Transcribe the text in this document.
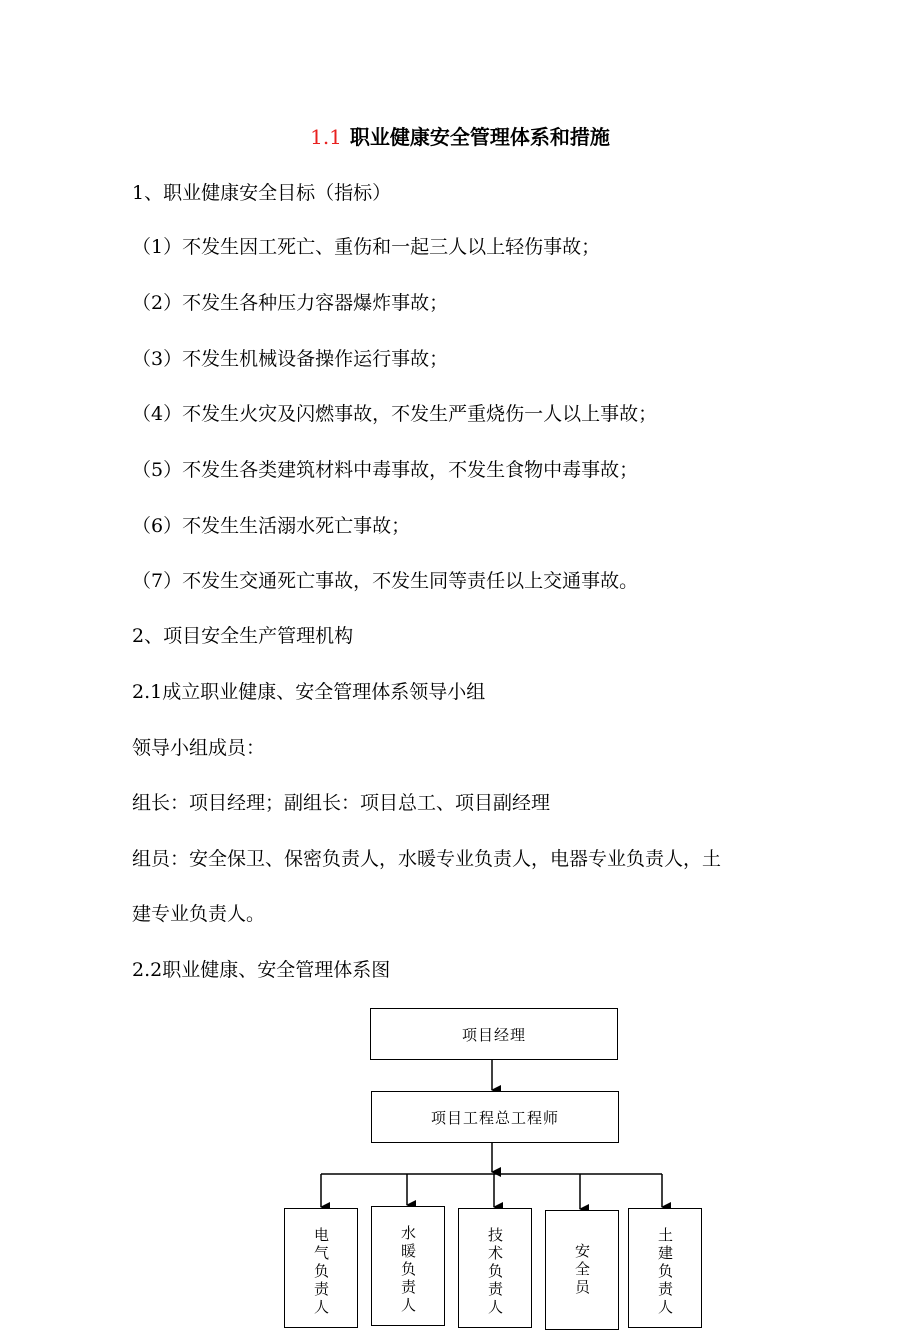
1.1 职业健康安全管理体系和措施

1、职业健康安全目标（指标）

（1）不发生因工死亡、重伤和一起三人以上轻伤事故；

（2）不发生各种压力容器爆炸事故；

（3）不发生机械设备操作运行事故；

（4）不发生火灾及闪燃事故，不发生严重烧伤一人以上事故；

（5）不发生各类建筑材料中毒事故，不发生食物中毒事故；

（6）不发生生活溺水死亡事故；

（7）不发生交通死亡事故，不发生同等责任以上交通事故。

2、项目安全生产管理机构

2.1成立职业健康、安全管理体系领导小组

领导小组成员：

组长：项目经理；副组长：项目总工、项目副经理

组员：安全保卫、保密负责人，水暖专业负责人，电器专业负责人，土

建专业负责人。

2.2职业健康、安全管理体系图

项目经理
项目工程总工程师
电气负责人	水暖负责人	技术负责人	安全员	土建负责人
